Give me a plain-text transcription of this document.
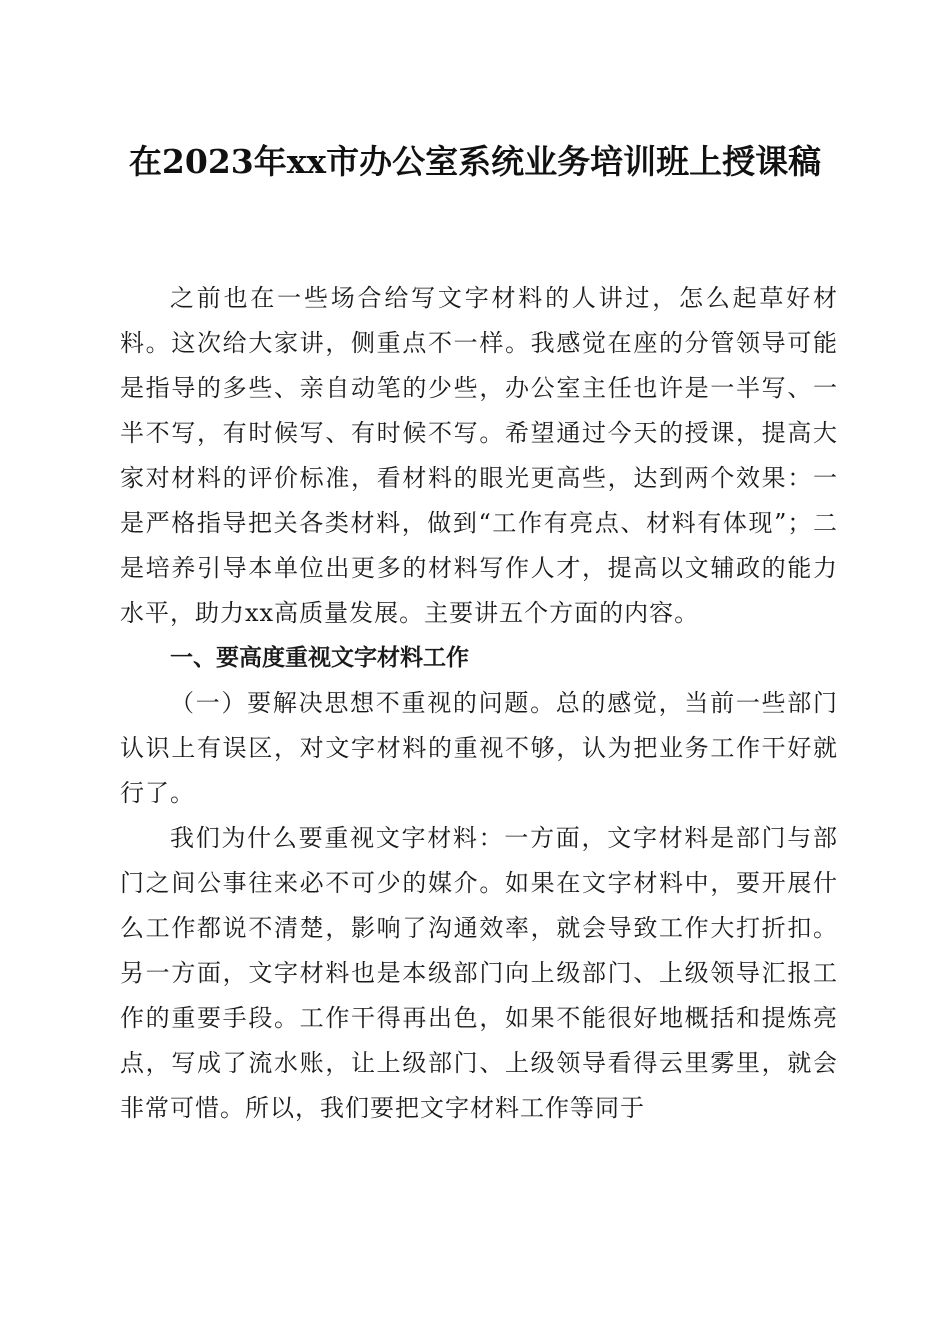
在2023年xx市办公室系统业务培训班上授课稿

之前也在一些场合给写文字材料的人讲过，怎么起草好材料。这次给大家讲，侧重点不一样。我感觉在座的分管领导可能是指导的多些、亲自动笔的少些，办公室主任也许是一半写、一半不写，有时候写、有时候不写。希望通过今天的授课，提高大家对材料的评价标准，看材料的眼光更高些，达到两个效果：一是严格指导把关各类材料，做到“工作有亮点、材料有体现”；二是培养引导本单位出更多的材料写作人才，提高以文辅政的能力水平，助力xx高质量发展。主要讲五个方面的内容。

一、要高度重视文字材料工作

（一）要解决思想不重视的问题。总的感觉，当前一些部门认识上有误区，对文字材料的重视不够，认为把业务工作干好就行了。

我们为什么要重视文字材料：一方面，文字材料是部门与部门之间公事往来必不可少的媒介。如果在文字材料中，要开展什么工作都说不清楚，影响了沟通效率，就会导致工作大打折扣。另一方面，文字材料也是本级部门向上级部门、上级领导汇报工作的重要手段。工作干得再出色，如果不能很好地概括和提炼亮点，写成了流水账，让上级部门、上级领导看得云里雾里，就会非常可惜。所以，我们要把文字材料工作等同于
